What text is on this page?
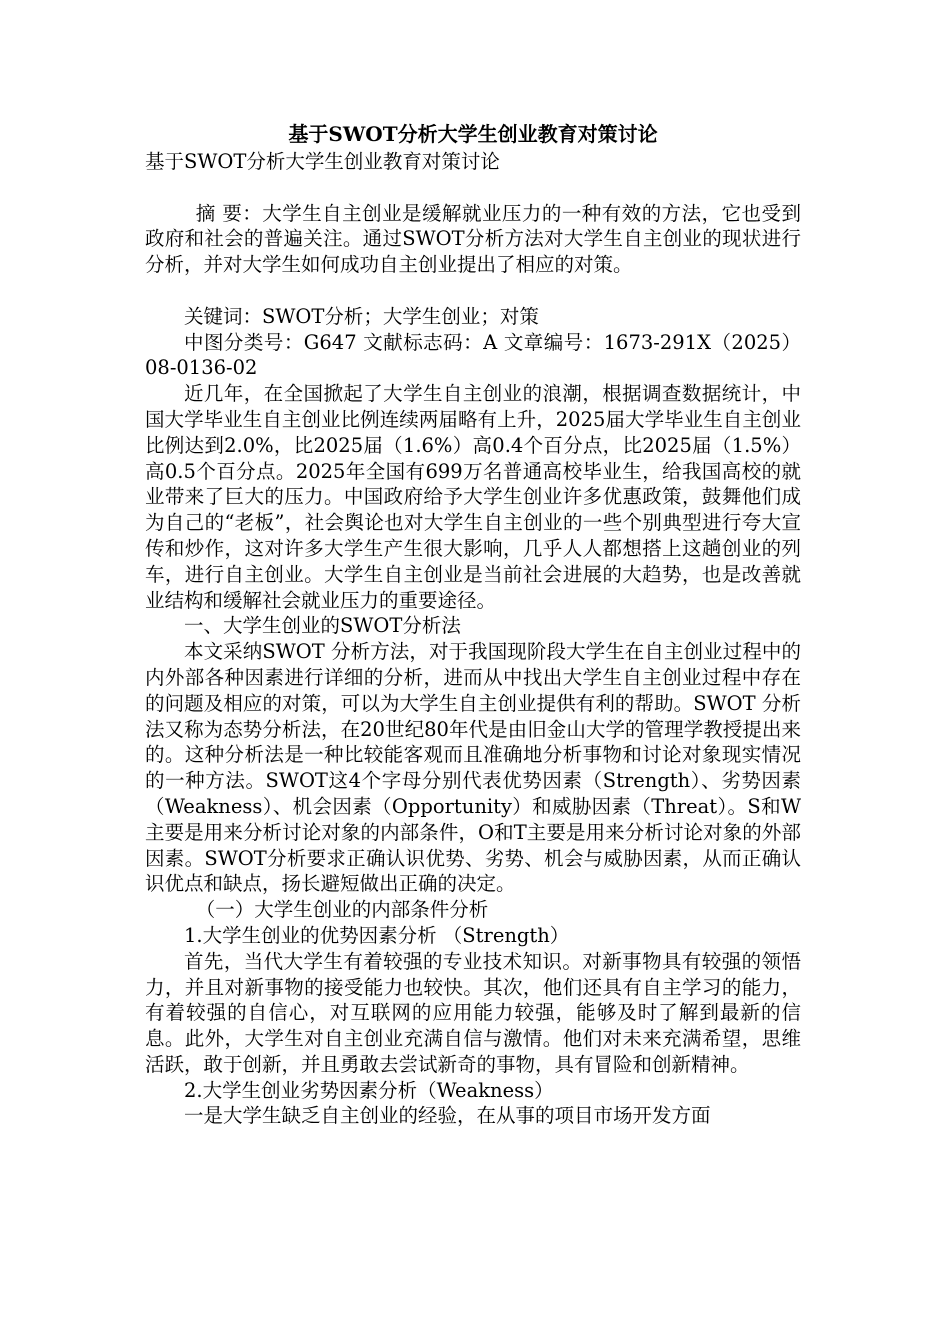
基于SWOT分析大学生创业教育对策讨论

基于SWOT分析大学生创业教育对策讨论

摘 要：大学生自主创业是缓解就业压力的一种有效的方法，它也受到政府和社会的普遍关注。通过SWOT分析方法对大学生自主创业的现状进行分析，并对大学生如何成功自主创业提出了相应的对策。

关键词：SWOT分析；大学生创业；对策

中图分类号：G647 文献标志码：A 文章编号：1673-291X（2025）08-0136-02

近几年，在全国掀起了大学生自主创业的浪潮，根据调查数据统计，中国大学毕业生自主创业比例连续两届略有上升，2025届大学毕业生自主创业比例达到2.0%，比2025届（1.6%）高0.4个百分点，比2025届（1.5%）高0.5个百分点。2025年全国有699万名普通高校毕业生，给我国高校的就业带来了巨大的压力。中国政府给予大学生创业许多优惠政策，鼓舞他们成为自己的“老板”，社会舆论也对大学生自主创业的一些个别典型进行夸大宣传和炒作，这对许多大学生产生很大影响，几乎人人都想搭上这趟创业的列车，进行自主创业。大学生自主创业是当前社会进展的大趋势，也是改善就业结构和缓解社会就业压力的重要途径。

一、大学生创业的SWOT分析法

本文采纳SWOT 分析方法，对于我国现阶段大学生在自主创业过程中的内外部各种因素进行详细的分析，进而从中找出大学生自主创业过程中存在的问题及相应的对策，可以为大学生自主创业提供有利的帮助。SWOT 分析法又称为态势分析法，在20世纪80年代是由旧金山大学的管理学教授提出来的。这种分析法是一种比较能客观而且准确地分析事物和讨论对象现实情况的一种方法。SWOT这4个字母分别代表优势因素（Strength）、劣势因素（Weakness）、机会因素（Opportunity）和威胁因素（Threat）。S和W主要是用来分析讨论对象的内部条件，O和T主要是用来分析讨论对象的外部因素。SWOT分析要求正确认识优势、劣势、机会与威胁因素，从而正确认识优点和缺点，扬长避短做出正确的决定。

（一）大学生创业的内部条件分析

1.大学生创业的优势因素分析 （Strength）

首先，当代大学生有着较强的专业技术知识。对新事物具有较强的领悟力，并且对新事物的接受能力也较快。其次，他们还具有自主学习的能力，有着较强的自信心，对互联网的应用能力较强，能够及时了解到最新的信息。此外，大学生对自主创业充满自信与激情。他们对未来充满希望，思维活跃，敢于创新，并且勇敢去尝试新奇的事物，具有冒险和创新精神。

2.大学生创业劣势因素分析（Weakness）

一是大学生缺乏自主创业的经验，在从事的项目市场开发方面
